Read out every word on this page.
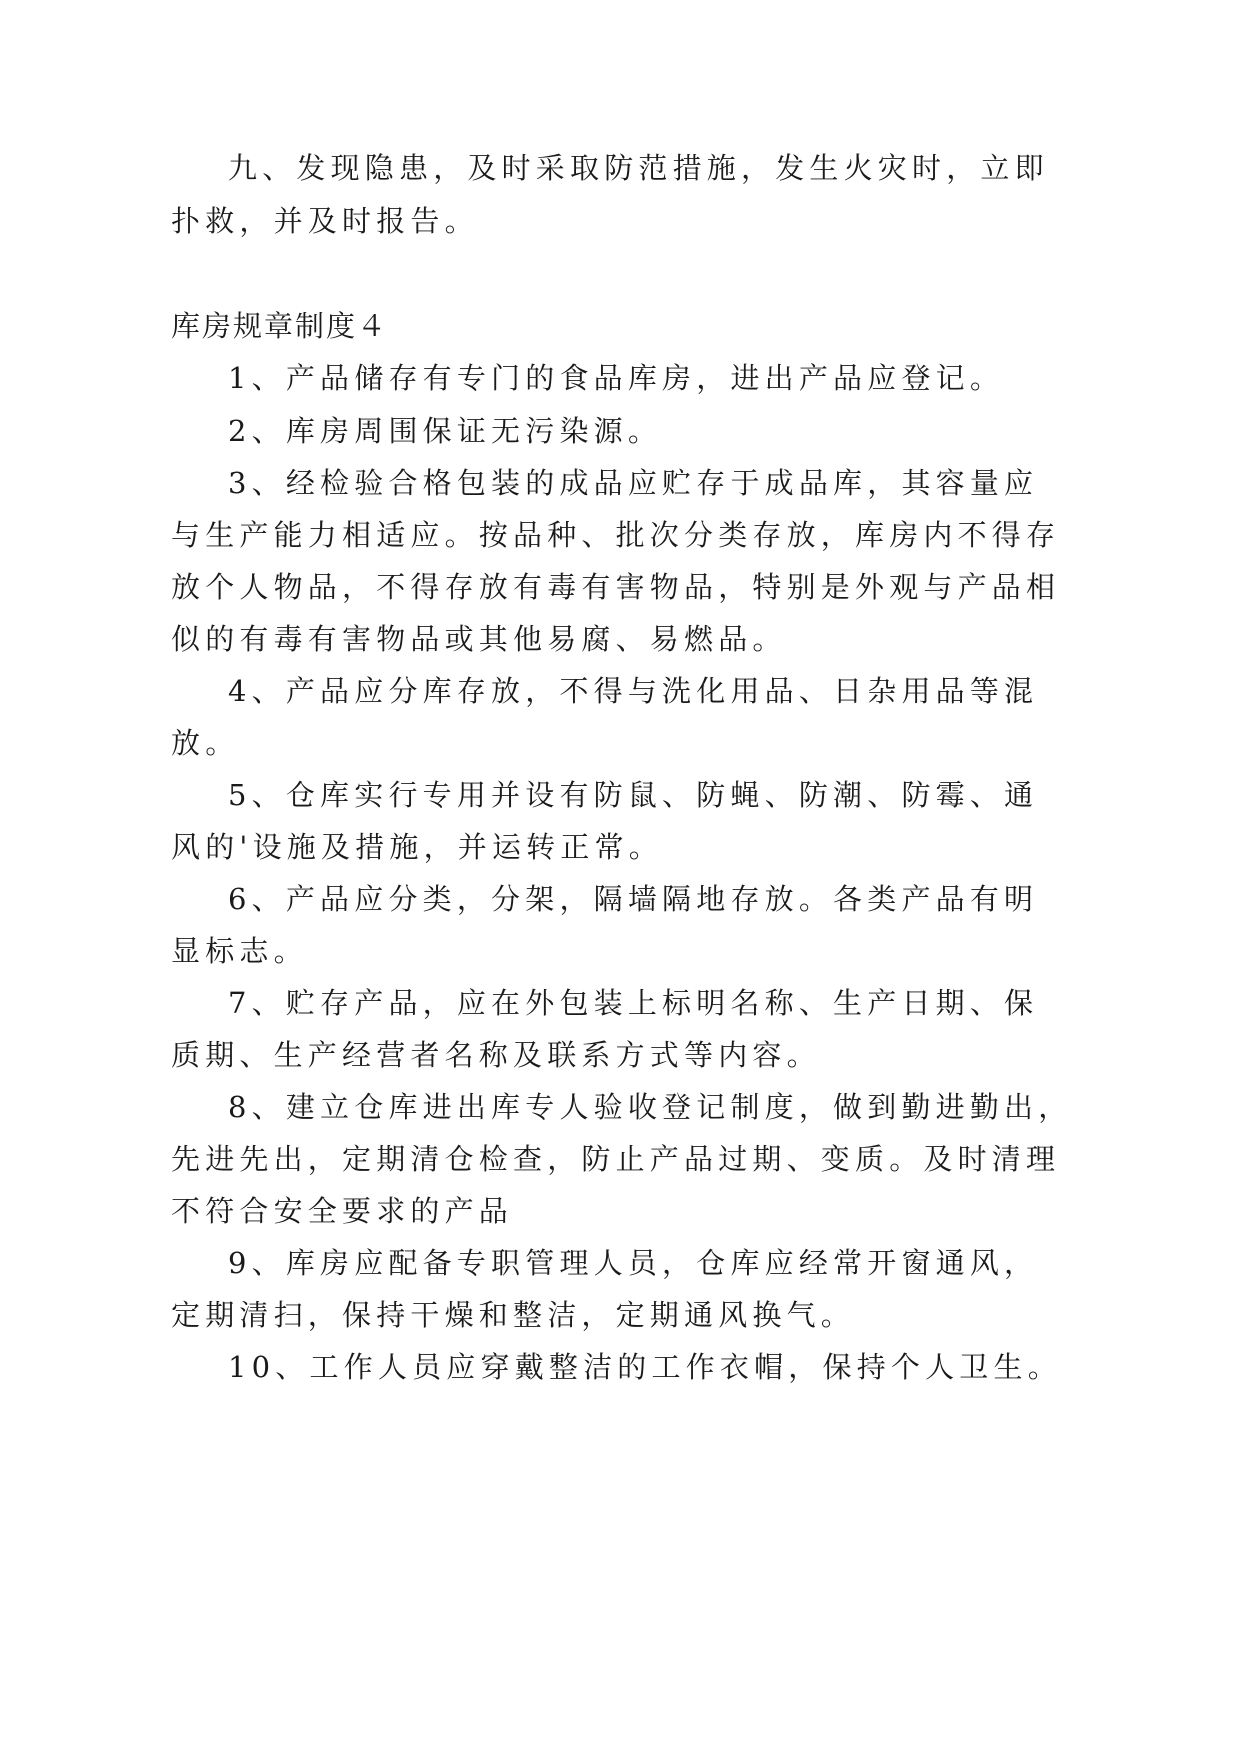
九、发现隐患，及时采取防范措施，发生火灾时，立即
扑救，并及时报告。
库房规章制度４
1、产品储存有专门的食品库房，进出产品应登记。
2、库房周围保证无污染源。
3、经检验合格包装的成品应贮存于成品库，其容量应
与生产能力相适应。按品种、批次分类存放，库房内不得存
放个人物品，不得存放有毒有害物品，特别是外观与产品相
似的有毒有害物品或其他易腐、易燃品。
4、产品应分库存放，不得与洗化用品、日杂用品等混
放。
5、仓库实行专用并设有防鼠、防蝇、防潮、防霉、通
风的'设施及措施，并运转正常。
6、产品应分类，分架，隔墙隔地存放。各类产品有明
显标志。
7、贮存产品，应在外包装上标明名称、生产日期、保
质期、生产经营者名称及联系方式等内容。
8、建立仓库进出库专人验收登记制度，做到勤进勤出，
先进先出，定期清仓检查，防止产品过期、变质。及时清理
不符合安全要求的产品
9、库房应配备专职管理人员，仓库应经常开窗通风，
定期清扫，保持干燥和整洁，定期通风换气。
10、工作人员应穿戴整洁的工作衣帽，保持个人卫生。
